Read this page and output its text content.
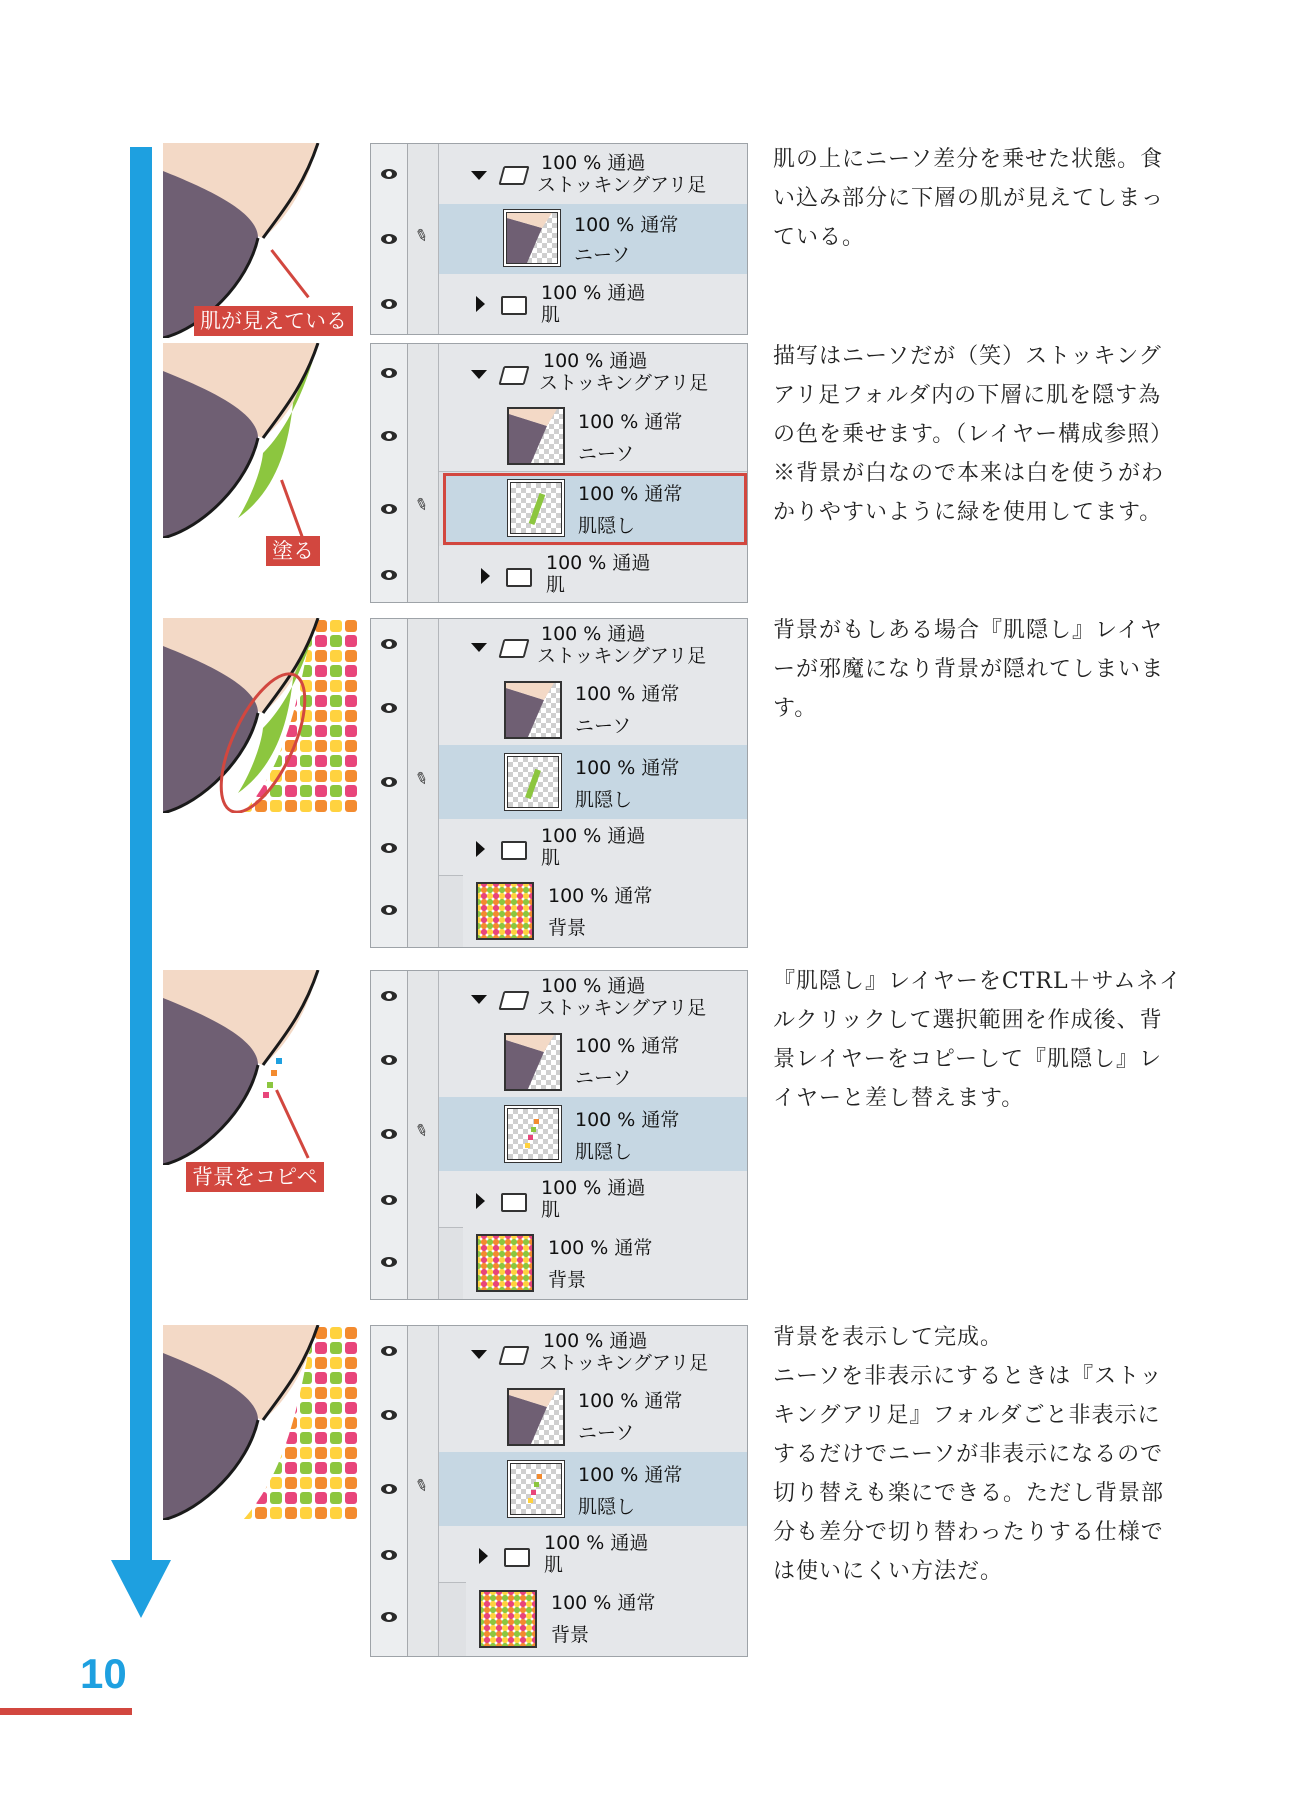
肌が見えている
100 % 通過
ストッキングアリ足
✎	100 % 通常
ニーソ
100 % 通過
肌

肌の上にニーソ差分を乗せた状態。食い込み部分に下層の肌が見えてしまっている。

塗る
100 % 通過
ストッキングアリ足
100 % 通常
ニーソ
✎	100 % 通常
肌隠し
100 % 通過
肌

描写はニーソだが（笑）ストッキングアリ足フォルダ内の下層に肌を隠す為の色を乗せます。（レイヤー構成参照）

※背景が白なので本来は白を使うがわかりやすいように緑を使用してます。

100 % 通過
ストッキングアリ足
100 % 通常
ニーソ
✎	100 % 通常
肌隠し
100 % 通過
肌
100 % 通常
背景

背景がもしある場合『肌隠し』レイヤーが邪魔になり背景が隠れてしまいます。

背景をコピペ
100 % 通過
ストッキングアリ足
100 % 通常
ニーソ
✎	100 % 通常
肌隠し
100 % 通過
肌
100 % 通常
背景

『肌隠し』レイヤーをCTRL＋サムネイルクリックして選択範囲を作成後、背景レイヤーをコピーして『肌隠し』レイヤーと差し替えます。

100 % 通過
ストッキングアリ足
100 % 通常
ニーソ
✎	100 % 通常
肌隠し
100 % 通過
肌
100 % 通常
背景

背景を表示して完成。

ニーソを非表示にするときは『ストッキングアリ足』フォルダごと非表示にするだけでニーソが非表示になるので切り替えも楽にできる。ただし背景部分も差分で切り替わったりする仕様では使いにくい方法だ。

10
